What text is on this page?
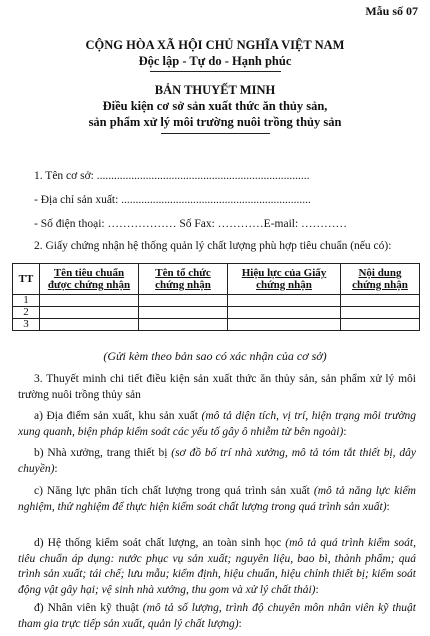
Mẫu số 07
CỘNG HÒA XÃ HỘI CHỦ NGHĨA VIỆT NAM
Độc lập - Tự do - Hạnh phúc
BẢN THUYẾT MINH
Điều kiện cơ sở sản xuất thức ăn thủy sản,
sản phẩm xử lý môi trường nuôi trồng thủy sản
1. Tên cơ sở: ..........................................................................
- Địa chỉ sản xuất: ..................................................................
- Số điện thoại: ……………… Số Fax: …………E-mail: …………
2. Giấy chứng nhận hệ thống quản lý chất lượng phù hợp tiêu chuẩn (nếu có):
TT	Tên tiêu chuẩn được chứng nhận	Tên tổ chức chứng nhận	Hiệu lực của Giấy chứng nhận	Nội dung chứng nhận
1				
2				
3				
(Gửi kèm theo bản sao có xác nhận của cơ sở)
3. Thuyết minh chi tiết điều kiện sản xuất thức ăn thủy sản, sản phẩm xử lý môi trường nuôi trồng thủy sản
a) Địa điểm sản xuất, khu sản xuất (mô tả diện tích, vị trí, hiện trạng môi trường xung quanh, biện pháp kiểm soát các yếu tố gây ô nhiễm từ bên ngoài):
b) Nhà xưởng, trang thiết bị (sơ đồ bố trí nhà xưởng, mô tả tóm tắt thiết bị, dây chuyền):
c) Năng lực phân tích chất lượng trong quá trình sản xuất (mô tả năng lực kiểm nghiệm, thử nghiệm để thực hiện kiểm soát chất lượng trong quá trình sản xuất):
d) Hệ thống kiểm soát chất lượng, an toàn sinh học (mô tả quá trình kiểm soát, tiêu chuẩn áp dụng: nước phục vụ sản xuất; nguyên liệu, bao bì, thành phẩm; quá trình sản xuất; tái chế; lưu mẫu; kiểm định, hiệu chuẩn, hiệu chỉnh thiết bị; kiểm soát động vật gây hại; vệ sinh nhà xưởng, thu gom và xử lý chất thải):
đ) Nhân viên kỹ thuật (mô tả số lượng, trình độ chuyên môn nhân viên kỹ thuật tham gia trực tiếp sản xuất, quản lý chất lượng):
